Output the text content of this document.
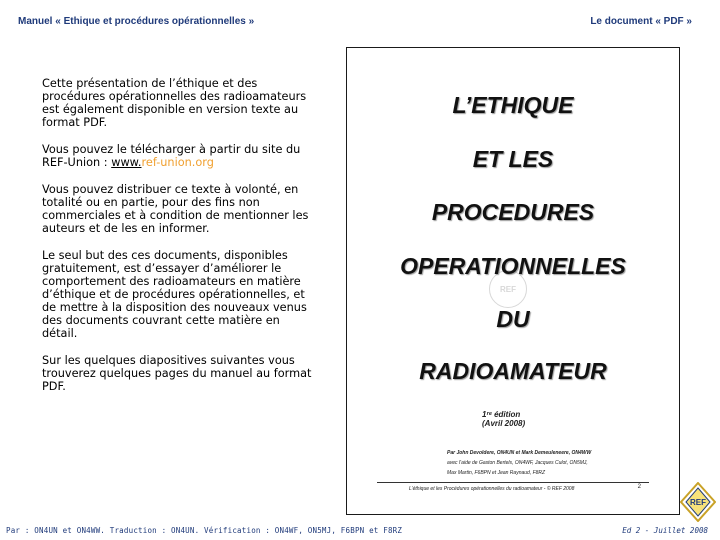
Manuel « Ethique et procédures opérationnelles »	Le document « PDF »

Cette présentation de l’éthique et des procédures opérationnelles des radioamateurs est également disponible en version texte au format PDF.

Vous pouvez le télécharger à partir du site du REF-Union : www.ref-union.org

Vous pouvez distribuer ce texte à volonté, en totalité ou en partie, pour des fins non commerciales et à condition de mentionner les auteurs et de les en informer.

Le seul but des ces documents, disponibles gratuitement, est d’essayer d’améliorer le comportement des radioamateurs en matière d’éthique et de procédures opérationnelles, et de mettre à la disposition des nouveaux venus des documents couvrant cette matière en détail.

Sur les quelques diapositives suivantes vous trouverez quelques pages du manuel au format PDF.

REF
L’ETHIQUE
ET LES
PROCEDURES
OPERATIONNELLES
DU
RADIOAMATEUR
1ʳᵉ édition
(Avril 2008)
Par John Devoldere, ON4UN et Mark Demeuleneere, ON4WW
avec l’aide de Gaston Bertels, ON4WF, Jacques Culot, ON5MJ,
Max Martin, F6BPN et Jean Raynaud, F8RZ
L’éthique et les Procédures opérationnelles du radioamateur - © REF 2008	2
Par : ON4UN et ON4WW. Traduction : ON4UN. Vérification : ON4WF, ON5MJ, F6BPN et F8RZ	Ed 2 - Juillet 2008
REF
